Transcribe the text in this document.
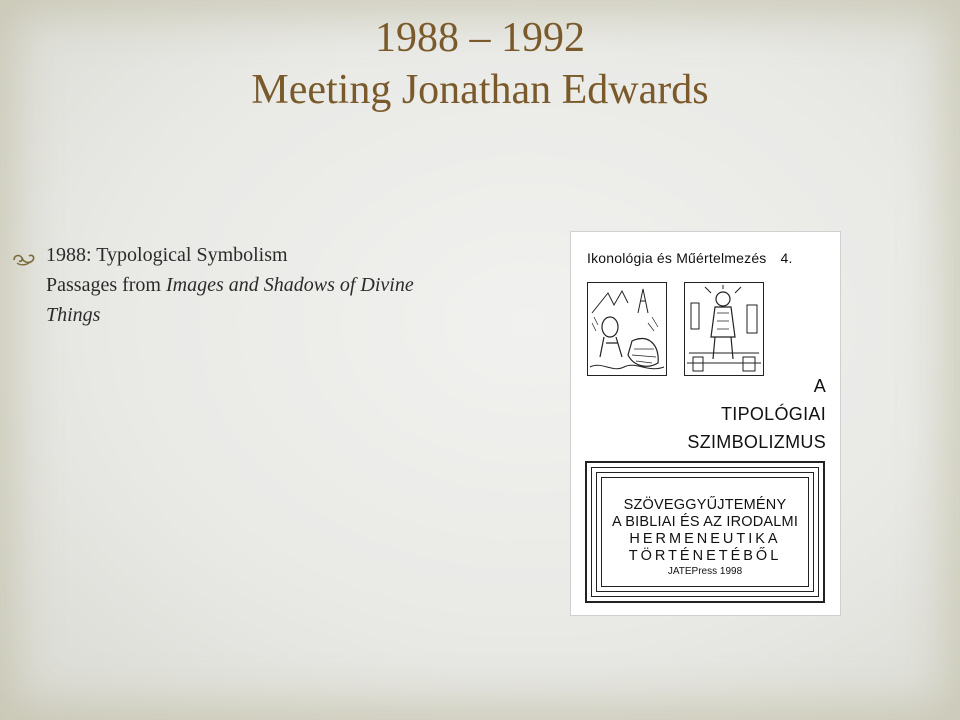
1988 – 1992
Meeting Jonathan Edwards
1988: Typological Symbolism
Passages from Images and Shadows of Divine
Things
Ikonológia és Műértelmezés 4.
A
TIPOLÓGIAI
SZIMBOLIZMUS
SZÖVEGGYŰJTEMÉNY
A BIBLIAI ÉS AZ IRODALMI
HERMENEUTIKA
TÖRTÉNETÉBŐL
JATEPress 1998
